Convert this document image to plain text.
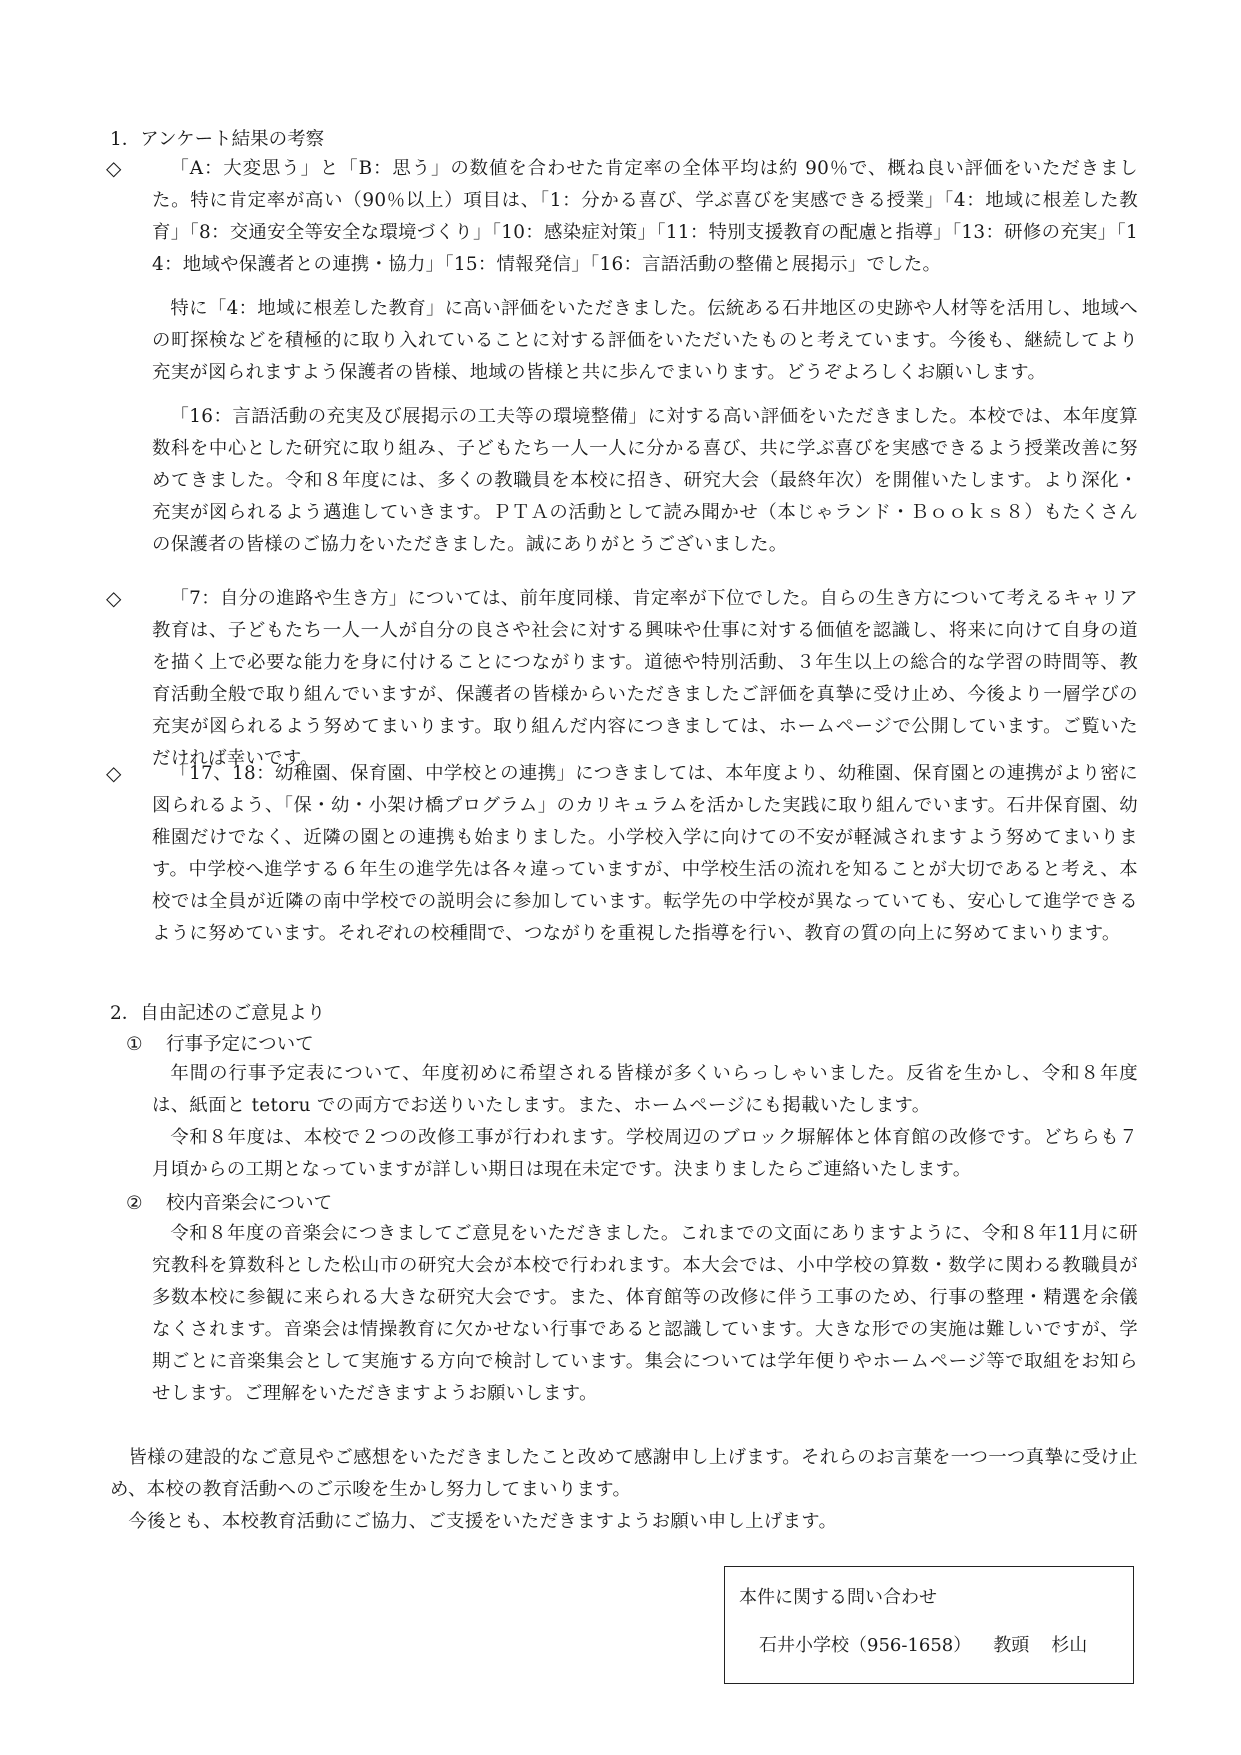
1．アンケート結果の考察
◇	「A：大変思う」と「B：思う」の数値を合わせた肯定率の全体平均は約 90％で、概ね良い評価をいただきました。特に肯定率が高い（90％以上）項目は、「1：分かる喜び、学ぶ喜びを実感できる授業」「4：地域に根差した教育」「8：交通安全等安全な環境づくり」「10：感染症対策」「11：特別支援教育の配慮と指導」「13：研修の充実」「14：地域や保護者との連携・協力」「15：情報発信」「16：言語活動の整備と展掲示」でした。
特に「4：地域に根差した教育」に高い評価をいただきました。伝統ある石井地区の史跡や人材等を活用し、地域への町探検などを積極的に取り入れていることに対する評価をいただいたものと考えています。今後も、継続してより充実が図られますよう保護者の皆様、地域の皆様と共に歩んでまいります。どうぞよろしくお願いします。
「16：言語活動の充実及び展掲示の工夫等の環境整備」に対する高い評価をいただきました。本校では、本年度算数科を中心とした研究に取り組み、子どもたち一人一人に分かる喜び、共に学ぶ喜びを実感できるよう授業改善に努めてきました。令和８年度には、多くの教職員を本校に招き、研究大会（最終年次）を開催いたします。より深化・充実が図られるよう邁進していきます。ＰＴＡの活動として読み聞かせ（本じゃランド・Ｂｏｏｋｓ８）もたくさんの保護者の皆様のご協力をいただきました。誠にありがとうございました。
◇	「7：自分の進路や生き方」については、前年度同様、肯定率が下位でした。自らの生き方について考えるキャリア教育は、子どもたち一人一人が自分の良さや社会に対する興味や仕事に対する価値を認識し、将来に向けて自身の道を描く上で必要な能力を身に付けることにつながります。道徳や特別活動、３年生以上の総合的な学習の時間等、教育活動全般で取り組んでいますが、保護者の皆様からいただきましたご評価を真摯に受け止め、今後より一層学びの充実が図られるよう努めてまいります。取り組んだ内容につきましては、ホームページで公開しています。ご覧いただければ幸いです。
◇	「17、18：幼稚園、保育園、中学校との連携」につきましては、本年度より、幼稚園、保育園との連携がより密に図られるよう、「保・幼・小架け橋プログラム」のカリキュラムを活かした実践に取り組んでいます。石井保育園、幼稚園だけでなく、近隣の園との連携も始まりました。小学校入学に向けての不安が軽減されますよう努めてまいります。中学校へ進学する６年生の進学先は各々違っていますが、中学校生活の流れを知ることが大切であると考え、本校では全員が近隣の南中学校での説明会に参加しています。転学先の中学校が異なっていても、安心して進学できるように努めています。それぞれの校種間で、つながりを重視した指導を行い、教育の質の向上に努めてまいります。
2．自由記述のご意見より
① 行事予定について
年間の行事予定表について、年度初めに希望される皆様が多くいらっしゃいました。反省を生かし、令和８年度は、紙面と tetoru での両方でお送りいたします。また、ホームページにも掲載いたします。
令和８年度は、本校で２つの改修工事が行われます。学校周辺のブロック塀解体と体育館の改修です。どちらも７月頃からの工期となっていますが詳しい期日は現在未定です。決まりましたらご連絡いたします。
② 校内音楽会について
令和８年度の音楽会につきましてご意見をいただきました。これまでの文面にありますように、令和８年11月に研究教科を算数科とした松山市の研究大会が本校で行われます。本大会では、小中学校の算数・数学に関わる教職員が多数本校に参観に来られる大きな研究大会です。また、体育館等の改修に伴う工事のため、行事の整理・精選を余儀なくされます。音楽会は情操教育に欠かせない行事であると認識しています。大きな形での実施は難しいですが、学期ごとに音楽集会として実施する方向で検討しています。集会については学年便りやホームページ等で取組をお知らせします。ご理解をいただきますようお願いします。
皆様の建設的なご意見やご感想をいただきましたこと改めて感謝申し上げます。それらのお言葉を一つ一つ真摯に受け止め、本校の教育活動へのご示唆を生かし努力してまいります。
今後とも、本校教育活動にご協力、ご支援をいただきますようお願い申し上げます。
本件に関する問い合わせ
石井小学校（956-1658） 教頭 杉山
